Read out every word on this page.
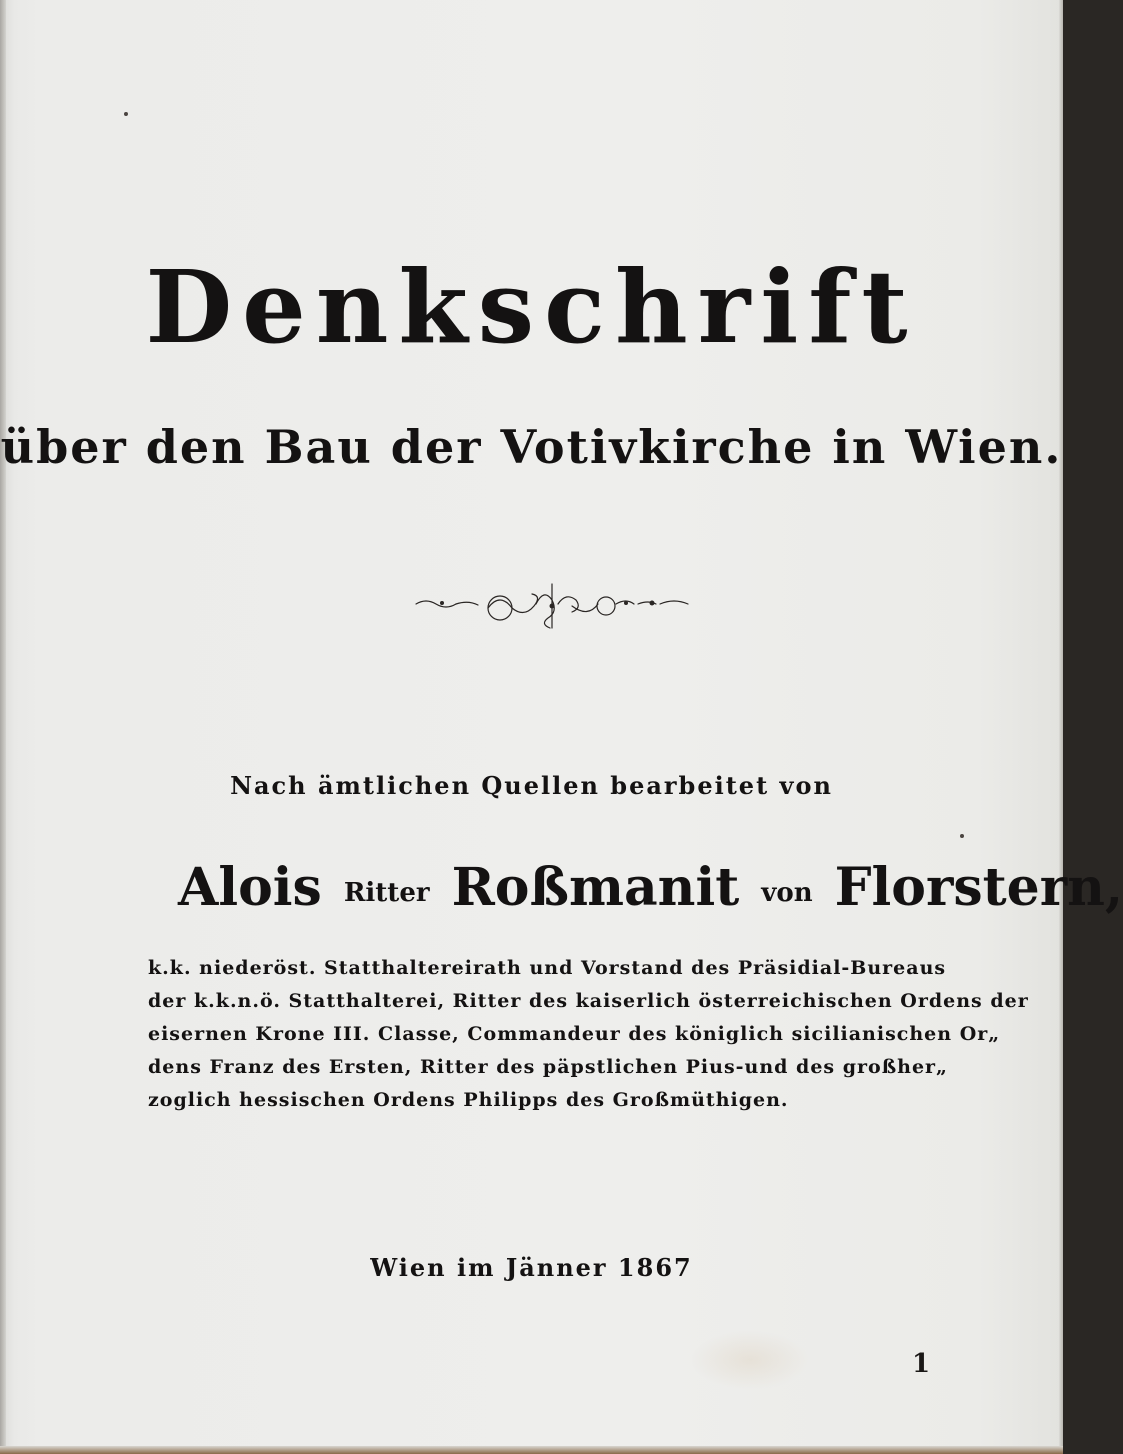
Denkschrift
über den Bau der Votivkirche in Wien.
Nach ämtlichen Quellen bearbeitet von
Alois Ritter Roßmanit von Florstern,
k.k. niederöst. Statthaltereirath und Vorstand des Präsidial-Bureaus
der k.k.n.ö. Statthalterei, Ritter des kaiserlich österreichischen Ordens der
eisernen Krone III. Classe, Commandeur des königlich sicilianischen Or„
dens Franz des Ersten, Ritter des päpstlichen Pius-und des großher„
zoglich hessischen Ordens Philipps des Großmüthigen.
Wien im Jänner 1867
1
